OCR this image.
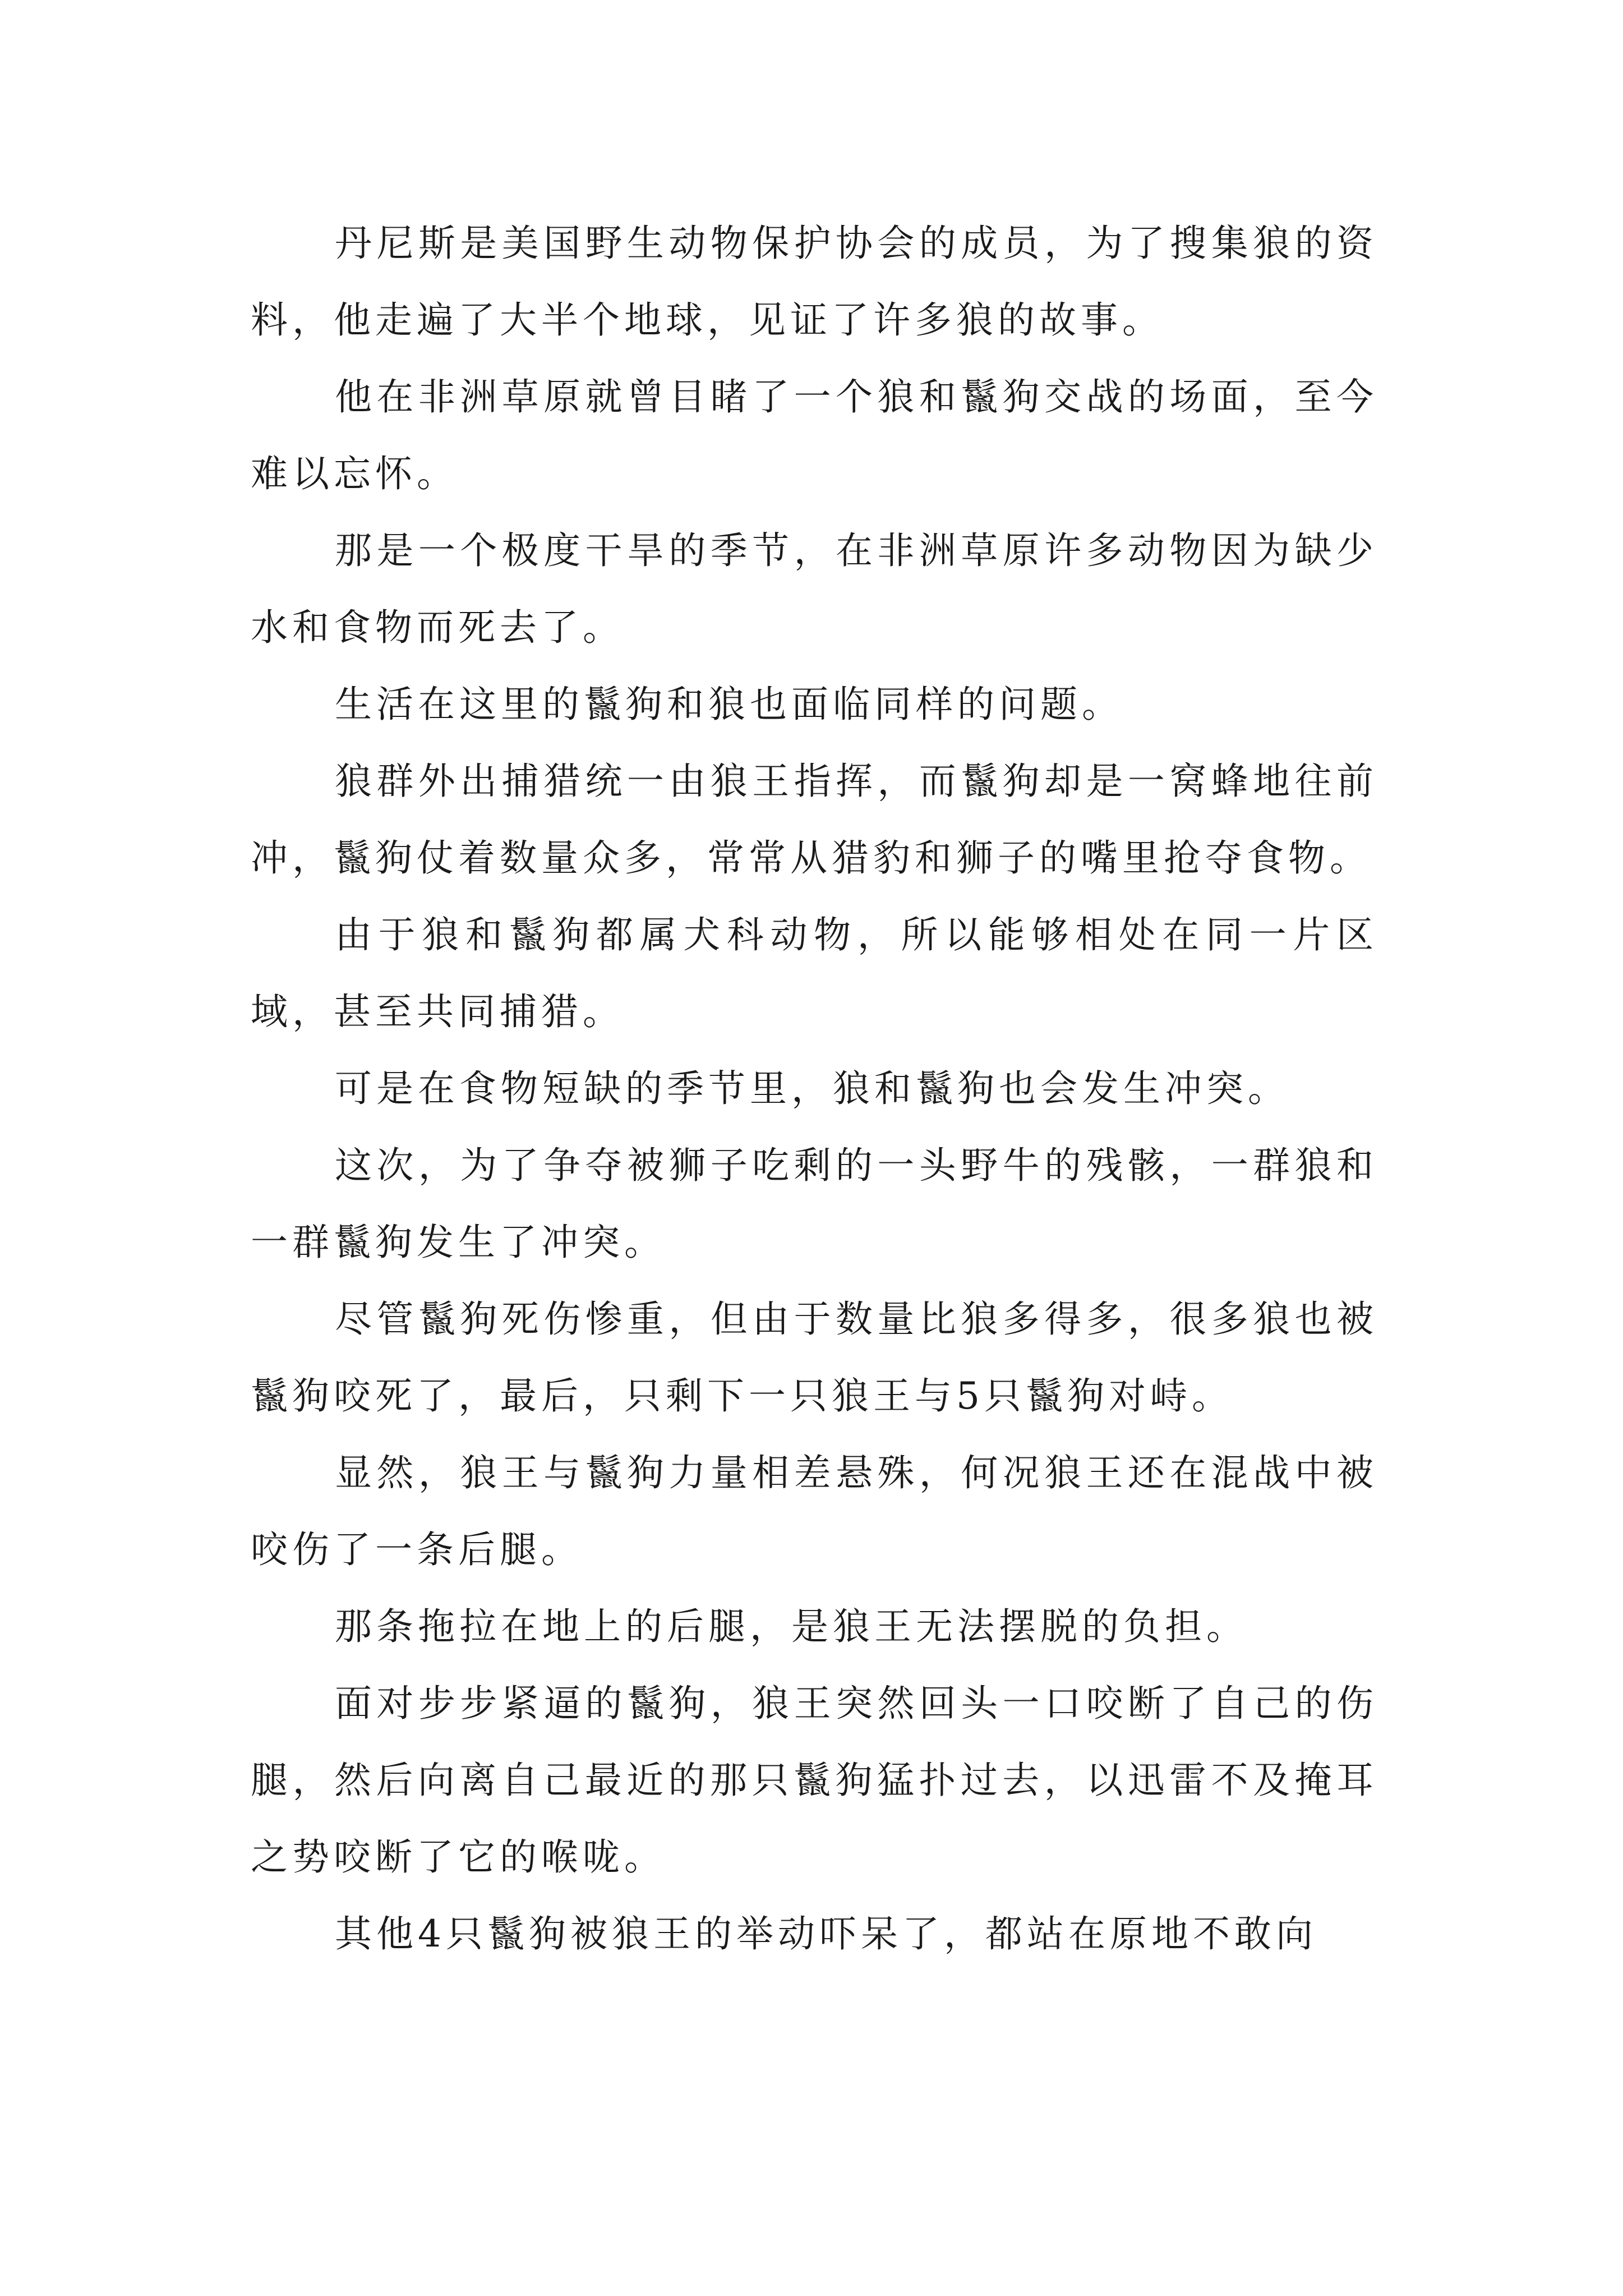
丹尼斯是美国野生动物保护协会的成员，为了搜集狼的资料，他走遍了大半个地球，见证了许多狼的故事。

他在非洲草原就曾目睹了一个狼和鬣狗交战的场面，至今难以忘怀。

那是一个极度干旱的季节，在非洲草原许多动物因为缺少水和食物而死去了。

生活在这里的鬣狗和狼也面临同样的问题。

狼群外出捕猎统一由狼王指挥，而鬣狗却是一窝蜂地往前冲，鬣狗仗着数量众多，常常从猎豹和狮子的嘴里抢夺食物。

由于狼和鬣狗都属犬科动物，所以能够相处在同一片区域，甚至共同捕猎。

可是在食物短缺的季节里，狼和鬣狗也会发生冲突。

这次，为了争夺被狮子吃剩的一头野牛的残骸，一群狼和一群鬣狗发生了冲突。

尽管鬣狗死伤惨重，但由于数量比狼多得多，很多狼也被鬣狗咬死了，最后，只剩下一只狼王与5只鬣狗对峙。

显然，狼王与鬣狗力量相差悬殊，何况狼王还在混战中被咬伤了一条后腿。

那条拖拉在地上的后腿，是狼王无法摆脱的负担。

面对步步紧逼的鬣狗，狼王突然回头一口咬断了自己的伤腿，然后向离自己最近的那只鬣狗猛扑过去，以迅雷不及掩耳之势咬断了它的喉咙。

其他4只鬣狗被狼王的举动吓呆了，都站在原地不敢向
